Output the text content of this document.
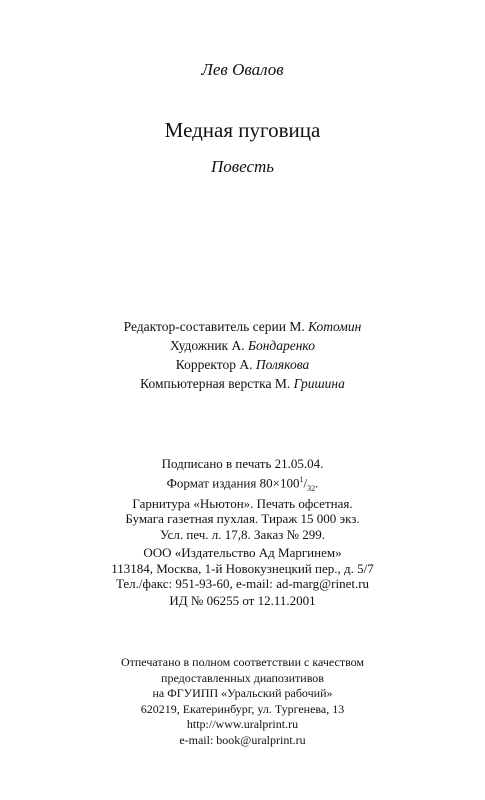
Лев Овалов
Медная пуговица
Повесть
Редактор-составитель серии М. Котомин
Художник А. Бондаренко
Корректор А. Полякова
Компьютерная верстка М. Гришина
Подписано в печать 21.05.04.
Формат издания $80\times 100^1/_{32}$.
Гарнитура «Ньютон». Печать офсетная.
Бумага газетная пухлая. Тираж 15 000 экз.
Усл. печ. л. 17,8. Заказ № 299.
ООО «Издательство Ад Маргинем»
113184, Москва, 1-й Новокузнецкий пер., д. 5/7
Тел./факс: 951-93-60, e-mail: ad-marg@rinet.ru
ИД № 06255 от 12.11.2001
Отпечатано в полном соответствии с качеством
предоставленных диапозитивов
на ФГУИПП «Уральский рабочий»
620219, Екатеринбург, ул. Тургенева, 13
http://www.uralprint.ru
e-mail: book@uralprint.ru
